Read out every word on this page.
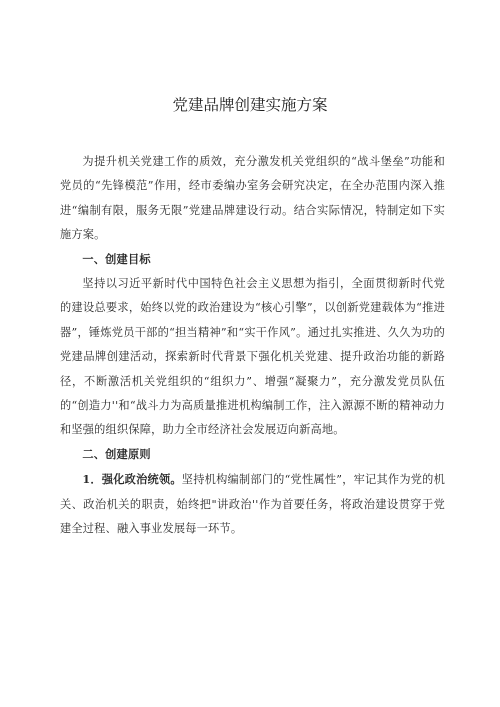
党建品牌创建实施方案

为提升机关党建工作的质效，充分激发机关党组织的“战斗堡垒”功能和党员的“先锋模范”作用，经市委编办室务会研究决定，在全办范围内深入推进“编制有限，服务无限”党建品牌建设行动。结合实际情况，特制定如下实施方案。

一、创建目标

坚持以习近平新时代中国特色社会主义思想为指引，全面贯彻新时代党的建设总要求，始终以党的政治建设为“核心引擎”，以创新党建载体为“推进器”，锤炼党员干部的“担当精神”和“实干作风”。通过扎实推进、久久为功的党建品牌创建活动，探索新时代背景下强化机关党建、提升政治功能的新路径，不断激活机关党组织的“组织力”、增强“凝聚力”，充分激发党员队伍的“创造力''和“战斗力为高质量推进机构编制工作，注入源源不断的精神动力和坚强的组织保障，助力全市经济社会发展迈向新高地。

二、创建原则

1．强化政治统领。坚持机构编制部门的“党性属性”，牢记其作为党的机关、政治机关的职责，始终把"讲政治''作为首要任务，将政治建设贯穿于党建全过程、融入事业发展每一环节。
